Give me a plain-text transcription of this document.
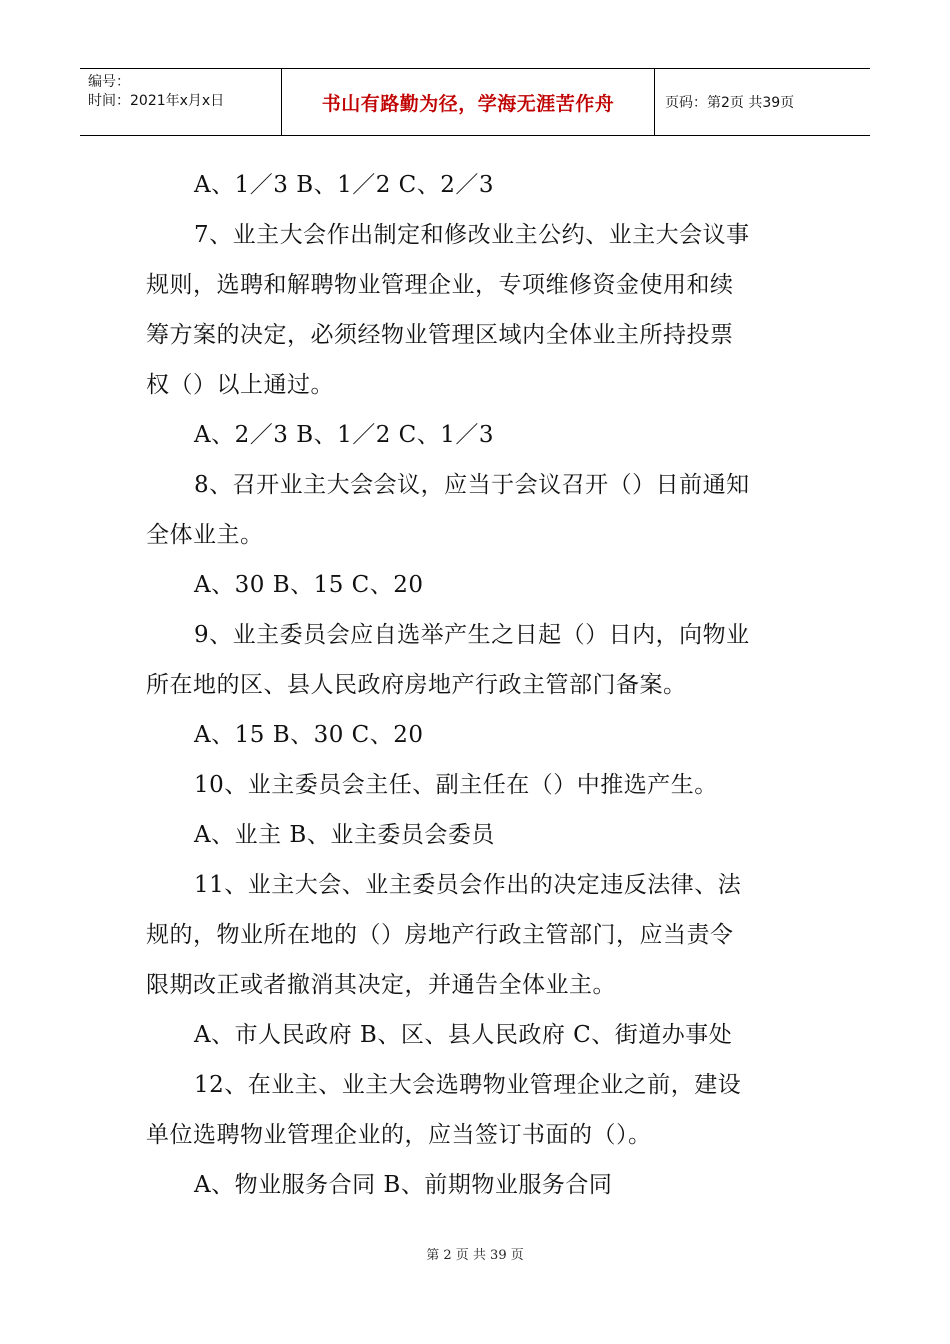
编号：
时间：2021年x月x日	书山有路勤为径，学海无涯苦作舟	页码：第2页 共39页
A、1／3 B、1／2 C、2／3
7、业主大会作出制定和修改业主公约、业主大会议事
规则，选聘和解聘物业管理企业，专项维修资金使用和续
筹方案的决定，必须经物业管理区域内全体业主所持投票
权（）以上通过。
A、2／3 B、1／2 C、1／3
8、召开业主大会会议，应当于会议召开（）日前通知
全体业主。
A、30 B、15 C、20
9、业主委员会应自选举产生之日起（）日内，向物业
所在地的区、县人民政府房地产行政主管部门备案。
A、15 B、30 C、20
10、业主委员会主任、副主任在（）中推选产生。
A、业主 B、业主委员会委员
11、业主大会、业主委员会作出的决定违反法律、法
规的，物业所在地的（）房地产行政主管部门，应当责令
限期改正或者撤消其决定，并通告全体业主。
A、市人民政府 B、区、县人民政府 C、街道办事处
12、在业主、业主大会选聘物业管理企业之前，建设
单位选聘物业管理企业的，应当签订书面的（）。
A、物业服务合同 B、前期物业服务合同
第 2 页 共 39 页
